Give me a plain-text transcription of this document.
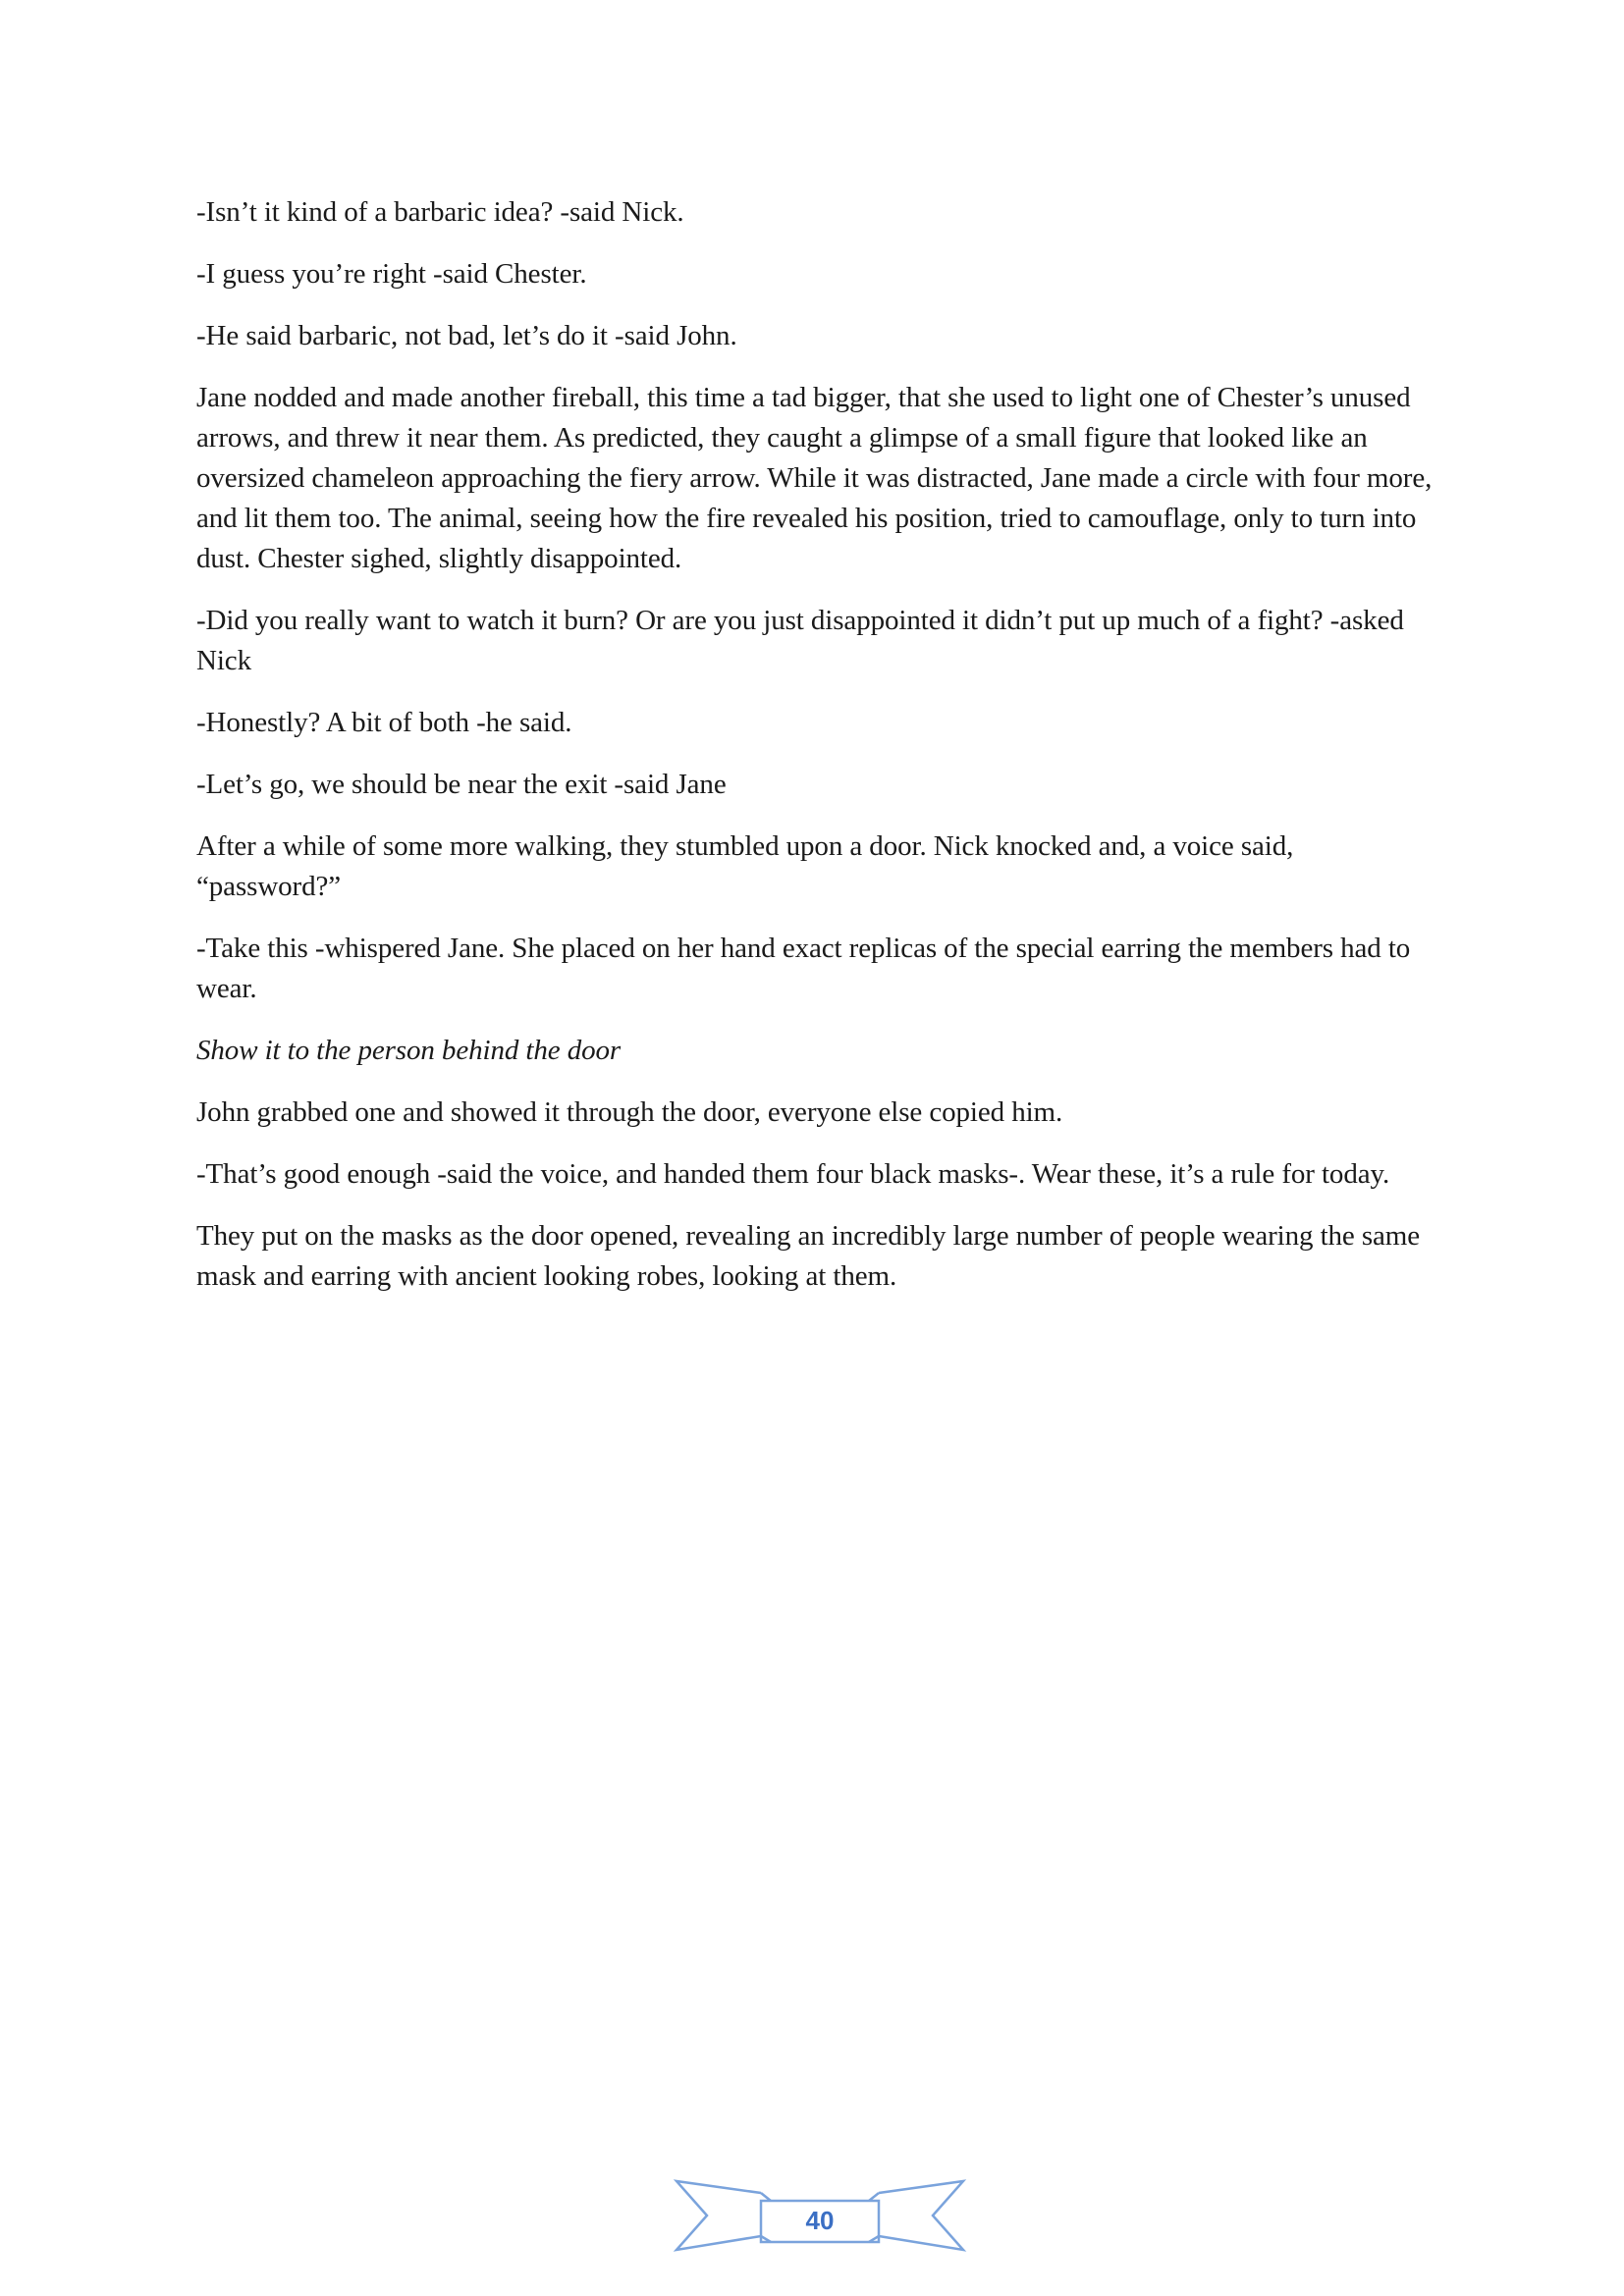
-Isn’t it kind of a barbaric idea? -said Nick.

-I guess you’re right -said Chester.

-He said barbaric, not bad, let’s do it -said John.

Jane nodded and made another fireball, this time a tad bigger, that she used to light one of Chester’s unused arrows, and threw it near them. As predicted, they caught a glimpse of a small figure that looked like an oversized chameleon approaching the fiery arrow. While it was distracted, Jane made a circle with four more, and lit them too. The animal, seeing how the fire revealed his position, tried to camouflage, only to turn into dust. Chester sighed, slightly disappointed.

-Did you really want to watch it burn? Or are you just disappointed it didn’t put up much of a fight? -asked Nick

-Honestly? A bit of both -he said.

-Let’s go, we should be near the exit -said Jane

After a while of some more walking, they stumbled upon a door. Nick knocked and, a voice said, “password?”

-Take this -whispered Jane. She placed on her hand exact replicas of the special earring the members had to wear.

Show it to the person behind the door

John grabbed one and showed it through the door, everyone else copied him.

-That’s good enough -said the voice, and handed them four black masks-. Wear these, it’s a rule for today.

They put on the masks as the door opened, revealing an incredibly large number of people wearing the same mask and earring with ancient looking robes, looking at them.

40
